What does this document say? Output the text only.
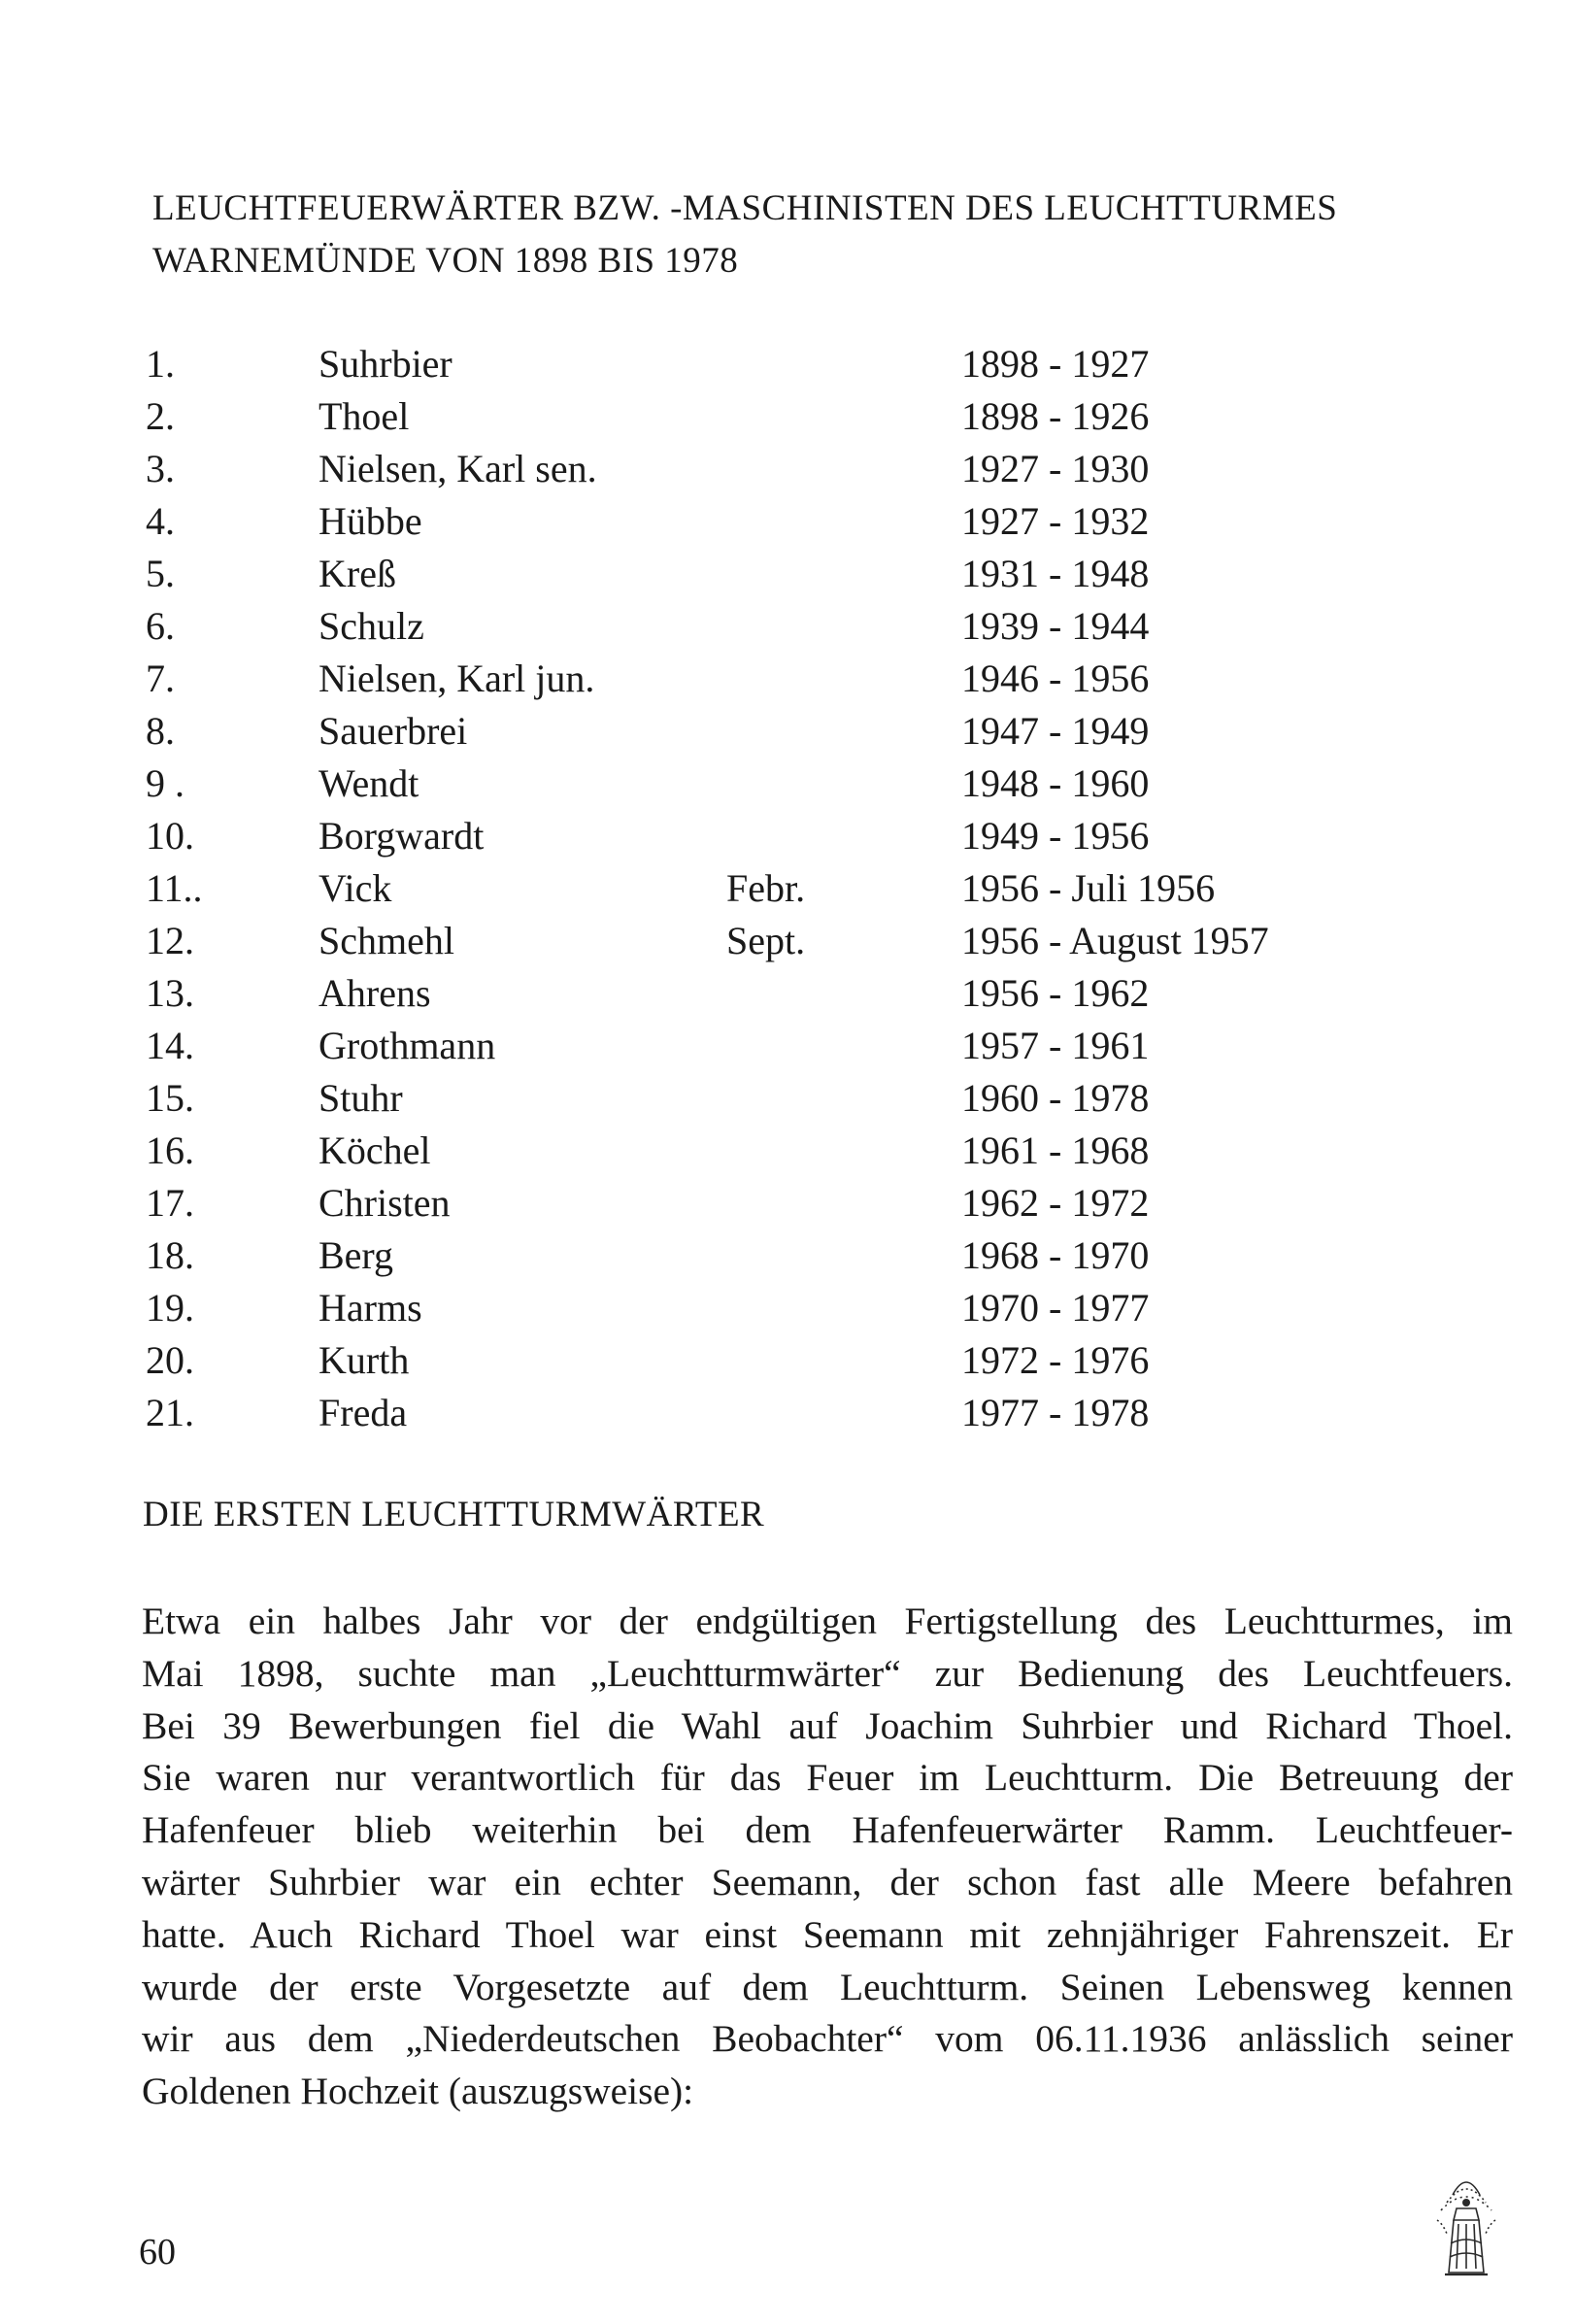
LEUCHTFEUERWÄRTER BZW. -MASCHINISTEN DES LEUCHTTURMES
WARNEMÜNDE VON 1898 BIS 1978
1.	Suhrbier	1898 - 1927
2.	Thoel	1898 - 1926
3.	Nielsen, Karl sen.	1927 - 1930
4.	Hübbe	1927 - 1932
5.	Kreß	1931 - 1948
6.	Schulz	1939 - 1944
7.	Nielsen, Karl jun.	1946 - 1956
8.	Sauerbrei	1947 - 1949
9 .	Wendt	1948 - 1960
10.	Borgwardt	1949 - 1956
11..	Vick	Febr.	1956 - Juli 1956
12.	Schmehl	Sept.	1956 - August 1957
13.	Ahrens	1956 - 1962
14.	Grothmann	1957 - 1961
15.	Stuhr	1960 - 1978
16.	Köchel	1961 - 1968
17.	Christen	1962 - 1972
18.	Berg	1968 - 1970
19.	Harms	1970 - 1977
20.	Kurth	1972 - 1976
21.	Freda	1977 - 1978
DIE ERSTEN LEUCHTTURMWÄRTER
Etwa ein halbes Jahr vor der endgültigen Fertigstellung des Leuchtturmes, im
Mai 1898, suchte man „Leuchtturmwärter“ zur Bedienung des Leuchtfeuers.
Bei 39 Bewerbungen fiel die Wahl auf Joachim Suhrbier und Richard Thoel.
Sie waren nur verantwortlich für das Feuer im Leuchtturm. Die Betreuung der
Hafenfeuer blieb weiterhin bei dem Hafenfeuerwärter Ramm. Leuchtfeuer-
wärter Suhrbier war ein echter Seemann, der schon fast alle Meere befahren
hatte. Auch Richard Thoel war einst Seemann mit zehnjähriger Fahrenszeit. Er
wurde der erste Vorgesetzte auf dem Leuchtturm. Seinen Lebensweg kennen
wir aus dem „Niederdeutschen Beobachter“ vom 06.11.1936 anlässlich seiner
Goldenen Hochzeit (auszugsweise):
60
